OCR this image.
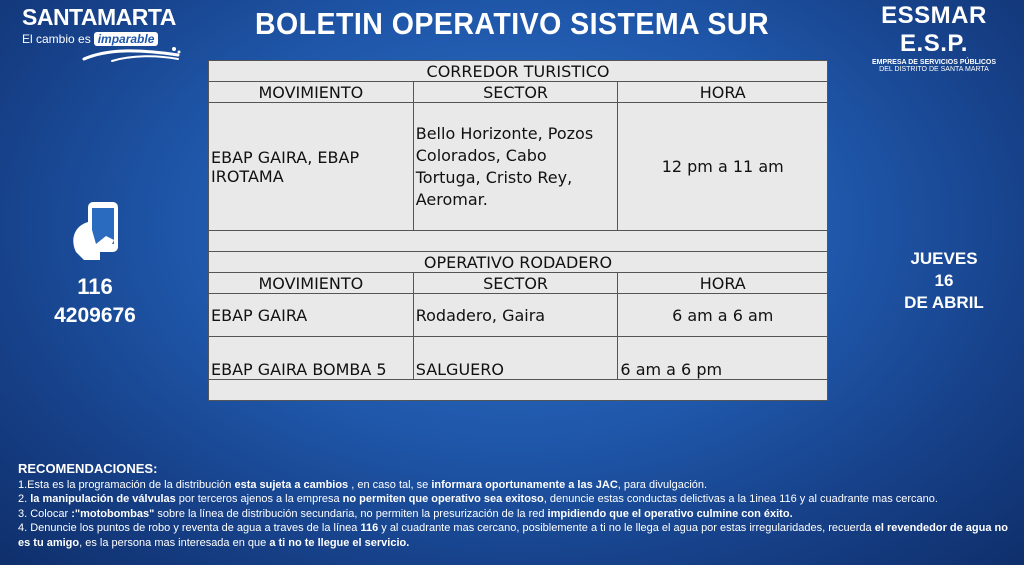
SANTAMARTA
El cambio es imparable	BOLETIN OPERATIVO SISTEMA SUR	ESSMAR E.S.P.
EMPRESA DE SERVICIOS PÚBLICOS
DEL DISTRITO DE SANTA MARTA
116
4209676
JUEVES
16
DE ABRIL
CORREDOR TURISTICO		
MOVIMIENTO	SECTOR	HORA
EBAP GAIRA, EBAP IROTAMA	Bello Horizonte, Pozos Colorados, Cabo Tortuga, Cristo Rey, Aeromar.	12 pm a 11 am

OPERATIVO RODADERO		
MOVIMIENTO	SECTOR	HORA
EBAP GAIRA	Rodadero, Gaira	6 am a 6 am
EBAP GAIRA BOMBA 5	SALGUERO	6 am a 6 pm

RECOMENDACIONES:

1.Esta es la programación de la distribución esta sujeta a cambios , en caso tal, se informara oportunamente a las JAC, para divulgación.

2. la manipulación de válvulas por terceros ajenos a la empresa no permiten que operativo sea exitoso, denuncie estas conductas delictivas a la 1inea 116 y al cuadrante mas cercano.

3. Colocar :"motobombas" sobre la línea de distribución secundaria, no permiten la presurización de la red impidiendo que el operativo culmine con éxito.

4. Denuncie los puntos de robo y reventa de agua a traves de la línea 116 y al cuadrante mas cercano, posiblemente a ti no le llega el agua por estas irregularidades, recuerda el revendedor de agua no es tu amigo, es la persona mas interesada en que a ti no te llegue el servicio.
